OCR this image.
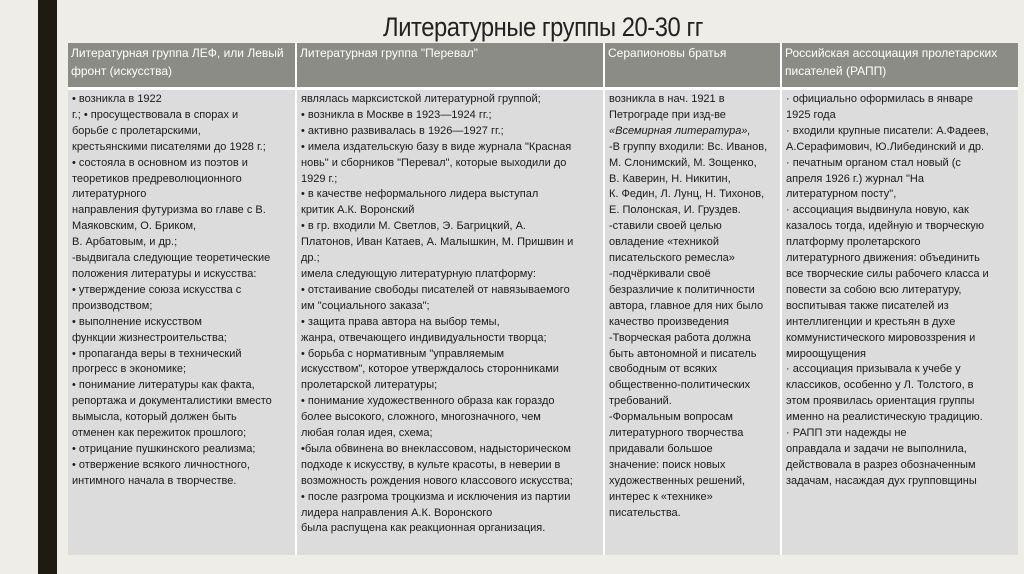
Литературные группы 20-30 гг
Литературная группа ЛЕФ, или Левый
фронт (искусства)
Литературная группа "Перевал"	Серапионовы братья	Российская ассоциация пролетарских
писателей (РАПП)
• возникла в 1922
г.; • просуществовала в спорах и
борьбе с пролетарскими,
крестьянскими писателями до 1928 г.;
• состояла в основном из поэтов и
теоретиков предреволюционного
литературного
направления футуризма во главе с В.
Маяковским, О. Бриком,
В. Арбатовым, и др.;
-выдвигала следующие теоретические
положения литературы и искусства:
• утверждение союза искусства с
производством;
• выполнение искусством
функции жизнестроительства;
• пропаганда веры в технический
прогресс в экономике;
• понимание литературы как факта,
репортажа и документалистики вместо
вымысла, который должен быть
отменен как пережиток прошлого;
• отрицание пушкинского реализма;
• отвержение всякого личностного,
интимного начала в творчестве.
являлась марксистской литературной группой;
• возникла в Москве в 1923—1924 гг.;
• активно развивалась в 1926—1927 гг.;
• имела издательскую базу в виде журнала "Красная
новь" и сборников "Перевал", которые выходили до
1929 г.;
• в качестве неформального лидера выступал
критик А.К. Воронский
• в гр. входили М. Светлов, Э. Багрицкий, А.
Платонов, Иван Катаев, А. Малышкин, М. Пришвин и
др.;
имела следующую литературную платформу:
• отстаивание свободы писателей от навязываемого
им "социального заказа";
• защита права автора на выбор темы,
жанра, отвечающего индивидуальности творца;
• борьба с нормативным "управляемым
искусством", которое утверждалось сторонниками
пролетарской литературы;
• понимание художественного образа как гораздо
более высокого, сложного, многозначного, чем
любая голая идея, схема;
•была обвинена во внеклассовом, надысторическом
подходе к искусству, в культе красоты, в неверии в
возможность рождения нового классового искусства;
• после разгрома троцкизма и исключения из партии
лидера направления А.К. Воронского
была распущена как реакционная организация.
возникла в нач. 1921 в
Петрограде при изд-ве
«Всемирная литература»,
-В группу входили: Вс. Иванов,
М. Слонимский, М. Зощенко,
В. Каверин, Н. Никитин,
К. Федин, Л. Лунц, Н. Тихонов,
Е. Полонская, И. Груздев.
-ставили своей целью
овладение «техникой
писательского ремесла»
-подчёркивали своё
безразличие к политичности
автора, главное для них было
качество произведения
-Творческая работа должна
быть автономной и писатель
свободным от всяких
общественно-политических
требований.
-Формальным вопросам
литературного творчества
придавали большое
значение: поиск новых
художественных решений,
интерес к «технике»
писательства.
· официально оформилась в январе
1925 года
· входили крупные писатели: А.Фадеев,
А.Серафимович, Ю.Либединский и др.
· печатным органом стал новый (с
апреля 1926 г.) журнал "На
литературном посту",
· ассоциация выдвинула новую, как
казалось тогда, идейную и творческую
платформу пролетарского
литературного движения: объединить
все творческие силы рабочего класса и
повести за собою всю литературу,
воспитывая также писателей из
интеллигенции и крестьян в духе
коммунистического мировоззрения и
мироощущения
· ассоциация призывала к учебе у
классиков, особенно у Л. Толстого, в
этом проявилась ориентация группы
именно на реалистическую традицию.
· РАПП эти надежды не
оправдала и задачи не выполнила,
действовала в разрез обозначенным
задачам, насаждая дух групповщины
